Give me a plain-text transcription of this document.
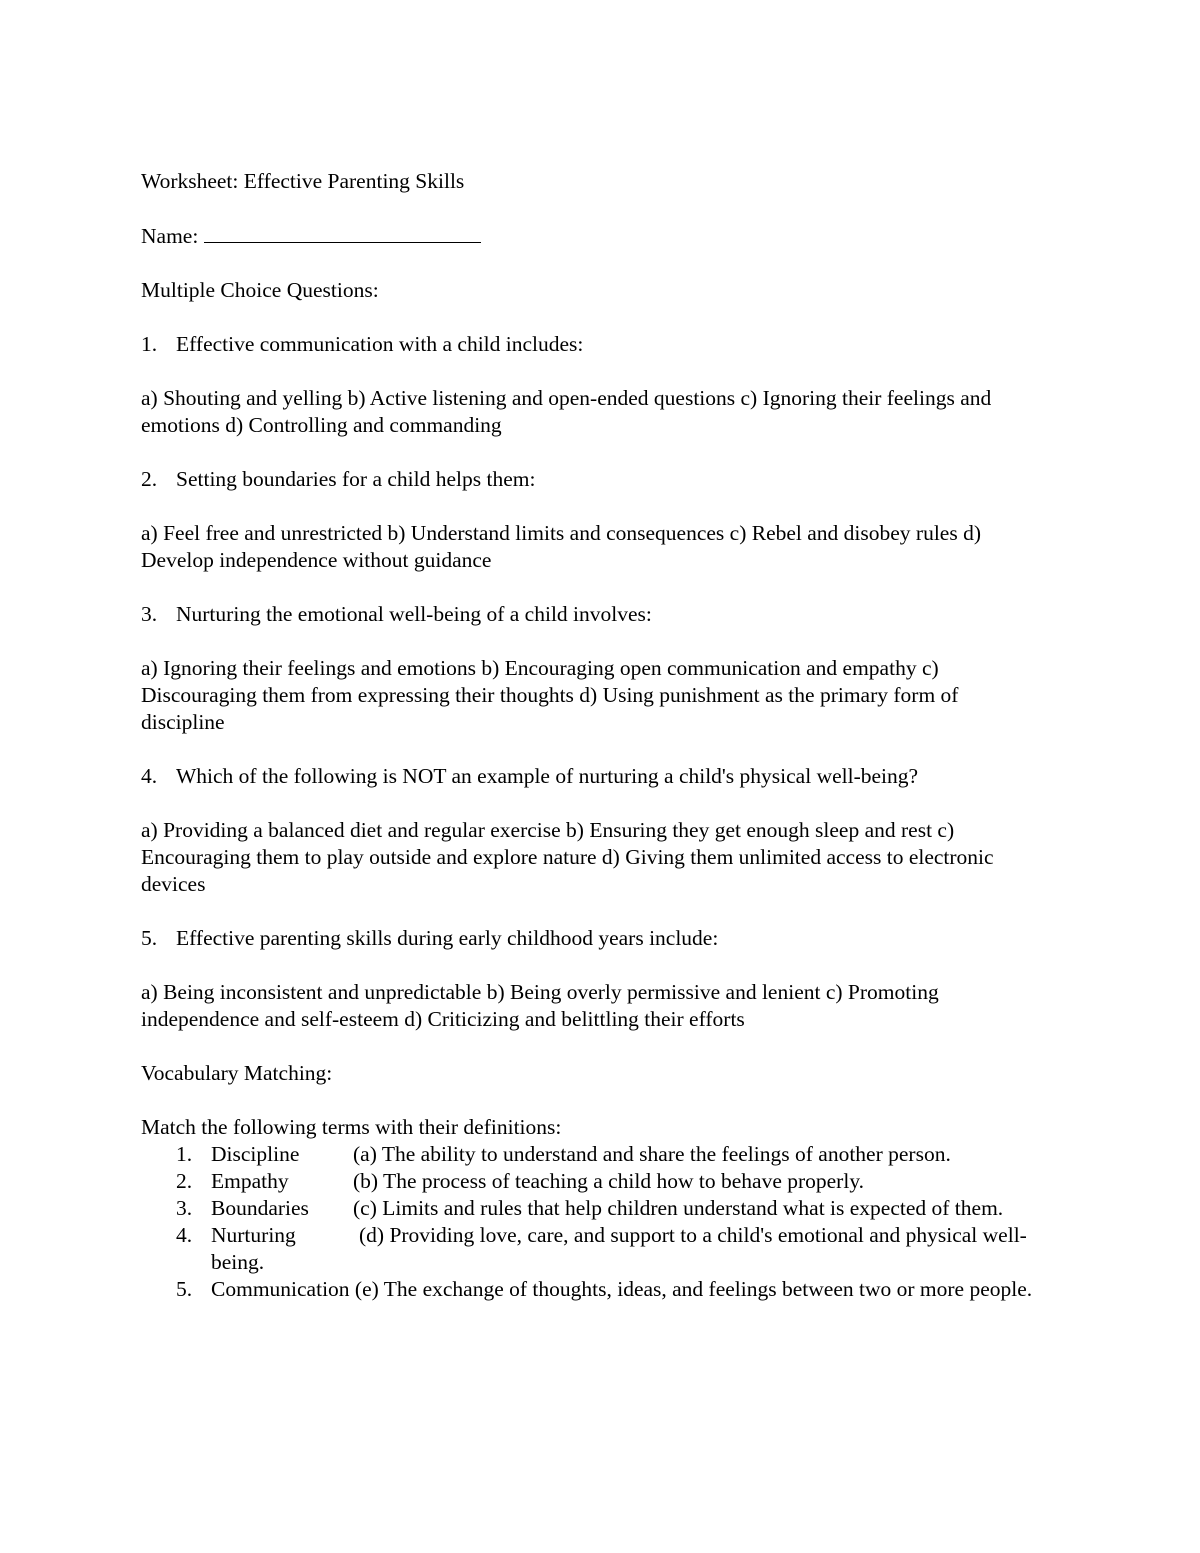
Worksheet: Effective Parenting Skills

Name:

Multiple Choice Questions:

1. Effective communication with a child includes:

a) Shouting and yelling b) Active listening and open-ended questions c) Ignoring their feelings and emotions d) Controlling and commanding

2. Setting boundaries for a child helps them:

a) Feel free and unrestricted b) Understand limits and consequences c) Rebel and disobey rules d) Develop independence without guidance

3. Nurturing the emotional well-being of a child involves:

a) Ignoring their feelings and emotions b) Encouraging open communication and empathy c) Discouraging them from expressing their thoughts d) Using punishment as the primary form of discipline

4. Which of the following is NOT an example of nurturing a child's physical well-being?

a) Providing a balanced diet and regular exercise b) Ensuring they get enough sleep and rest c) Encouraging them to play outside and explore nature d) Giving them unlimited access to electronic devices

5. Effective parenting skills during early childhood years include:

a) Being inconsistent and unpredictable b) Being overly permissive and lenient c) Promoting independence and self-esteem d) Criticizing and belittling their efforts

Vocabulary Matching:

Match the following terms with their definitions:

1. Discipline (a) The ability to understand and share the feelings of another person.
2. Empathy	(b) The process of teaching a child how to behave properly.
3. Boundaries (c) Limits and rules that help children understand what is expected of them.
4. Nurturing	(d) Providing love, care, and support to a child's emotional and physical well-being.
5. Communication (e) The exchange of thoughts, ideas, and feelings between two or more people.
